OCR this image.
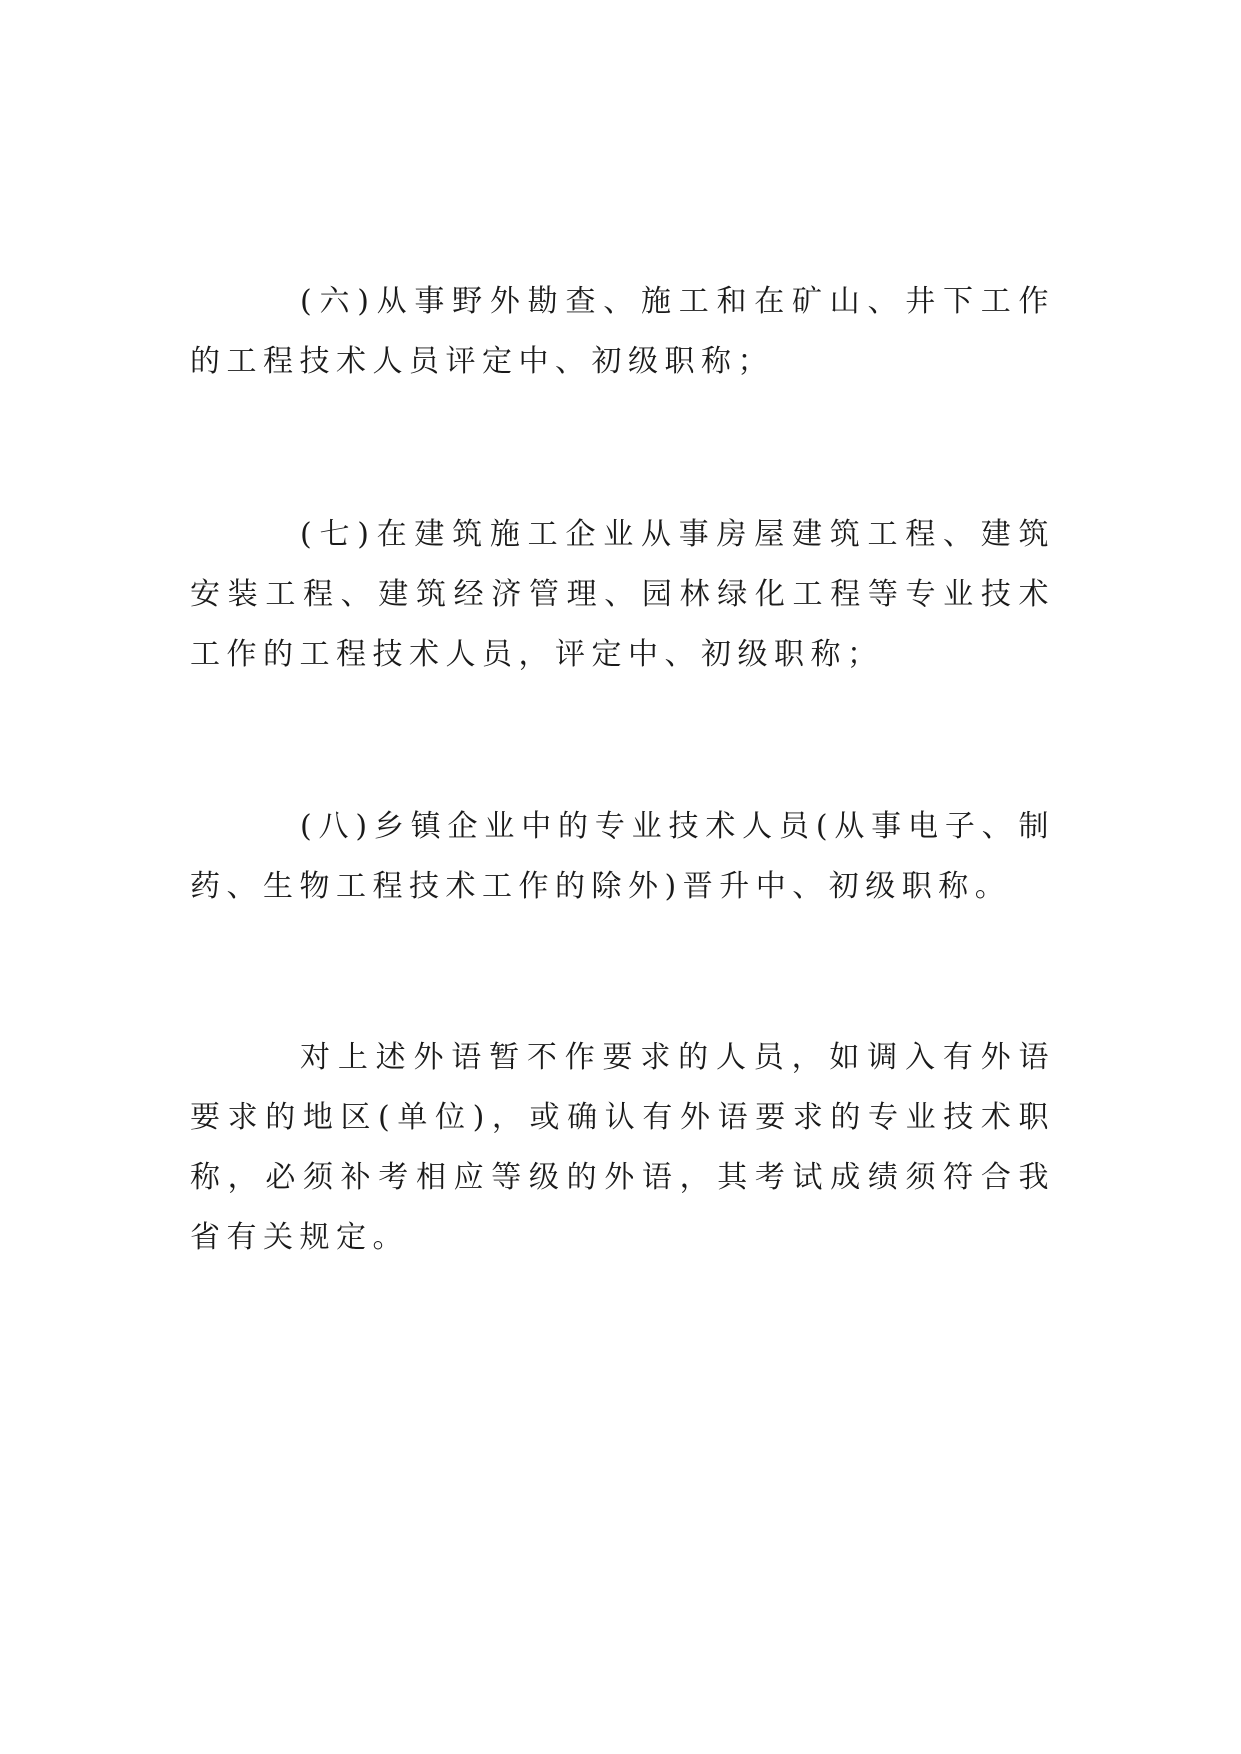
(六)从事野外勘查、施工和在矿山、井下工作的工程技术人员评定中、初级职称；

(七)在建筑施工企业从事房屋建筑工程、建筑安装工程、建筑经济管理、园林绿化工程等专业技术工作的工程技术人员，评定中、初级职称；

(八)乡镇企业中的专业技术人员(从事电子、制药、生物工程技术工作的除外)晋升中、初级职称。

对上述外语暂不作要求的人员，如调入有外语要求的地区(单位)，或确认有外语要求的专业技术职称，必须补考相应等级的外语，其考试成绩须符合我省有关规定。
